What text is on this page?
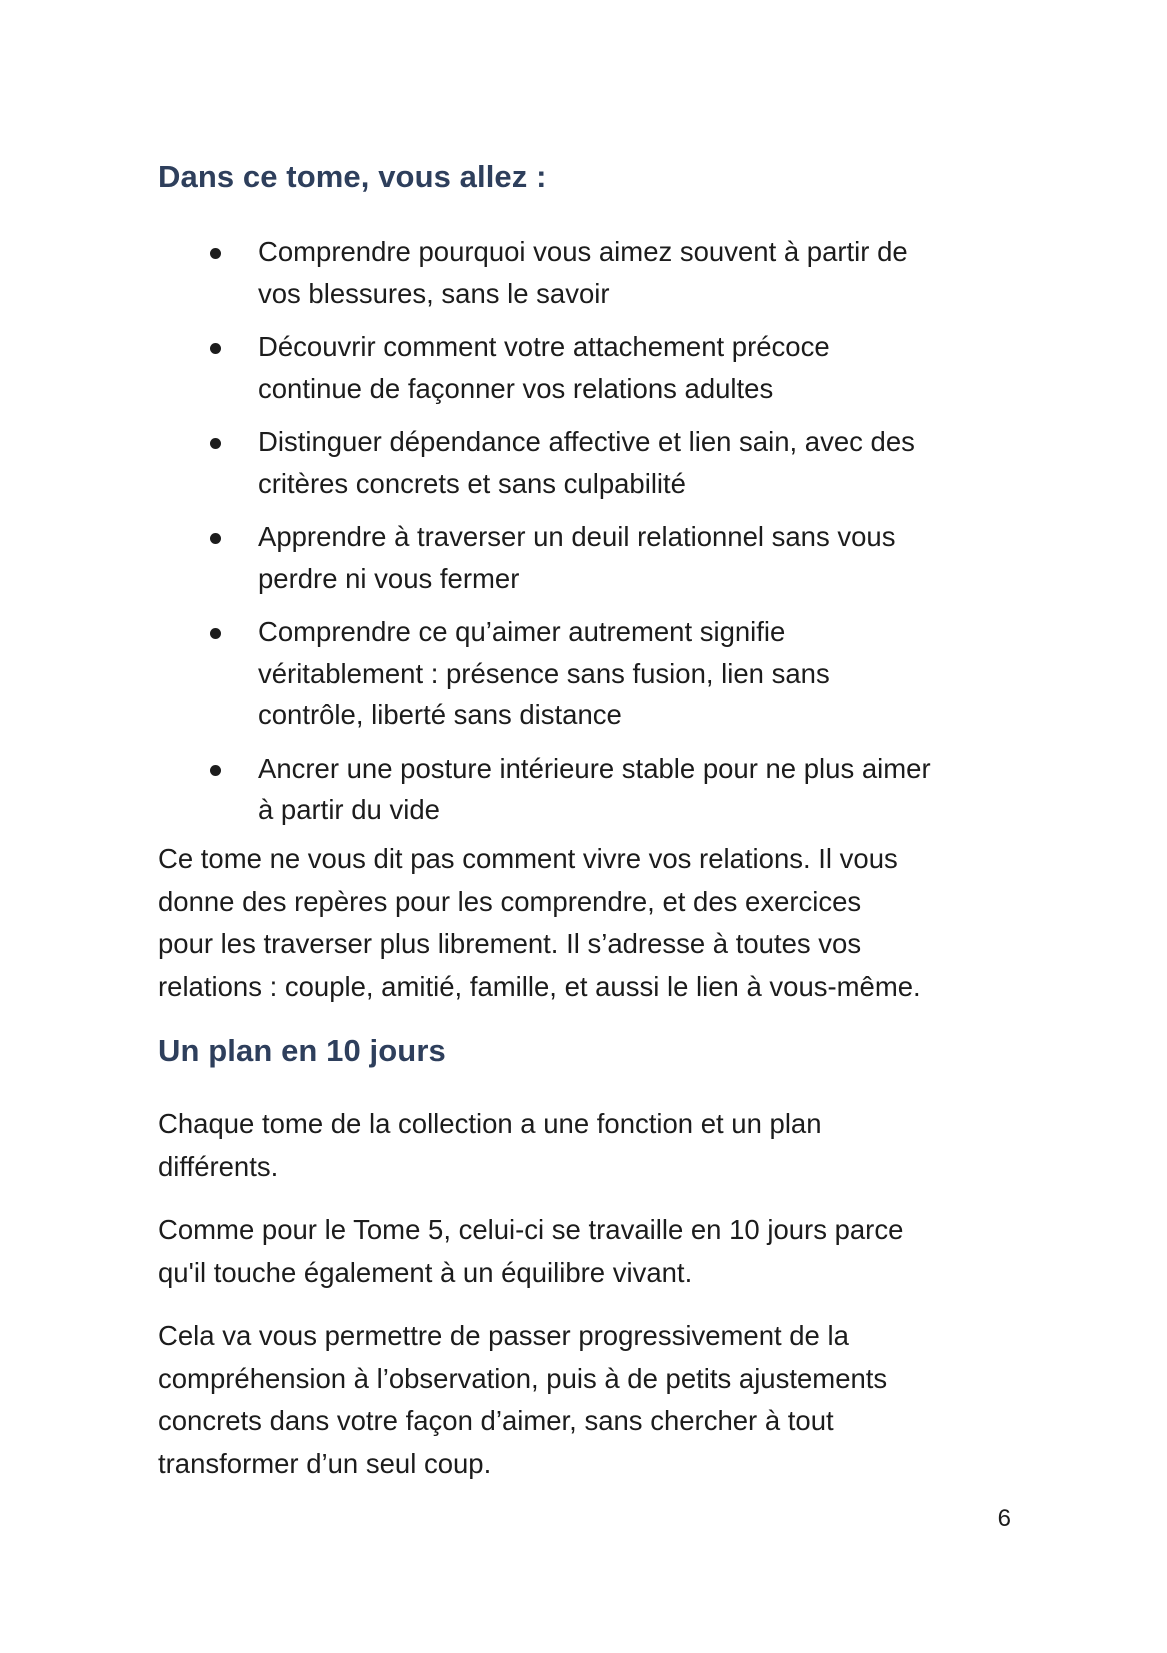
Dans ce tome, vous allez :
Comprendre pourquoi vous aimez souvent à partir de
vos blessures, sans le savoir
Découvrir comment votre attachement précoce
continue de façonner vos relations adultes
Distinguer dépendance affective et lien sain, avec des
critères concrets et sans culpabilité
Apprendre à traverser un deuil relationnel sans vous
perdre ni vous fermer
Comprendre ce qu’aimer autrement signifie
véritablement : présence sans fusion, lien sans
contrôle, liberté sans distance
Ancrer une posture intérieure stable pour ne plus aimer
à partir du vide

Ce tome ne vous dit pas comment vivre vos relations. Il vous
donne des repères pour les comprendre, et des exercices
pour les traverser plus librement. Il s’adresse à toutes vos
relations : couple, amitié, famille, et aussi le lien à vous-même.

Un plan en 10 jours

Chaque tome de la collection a une fonction et un plan
différents.

Comme pour le Tome 5, celui-ci se travaille en 10 jours parce
qu'il touche également à un équilibre vivant.

Cela va vous permettre de passer progressivement de la
compréhension à l’observation, puis à de petits ajustements
concrets dans votre façon d’aimer, sans chercher à tout
transformer d’un seul coup.

6
